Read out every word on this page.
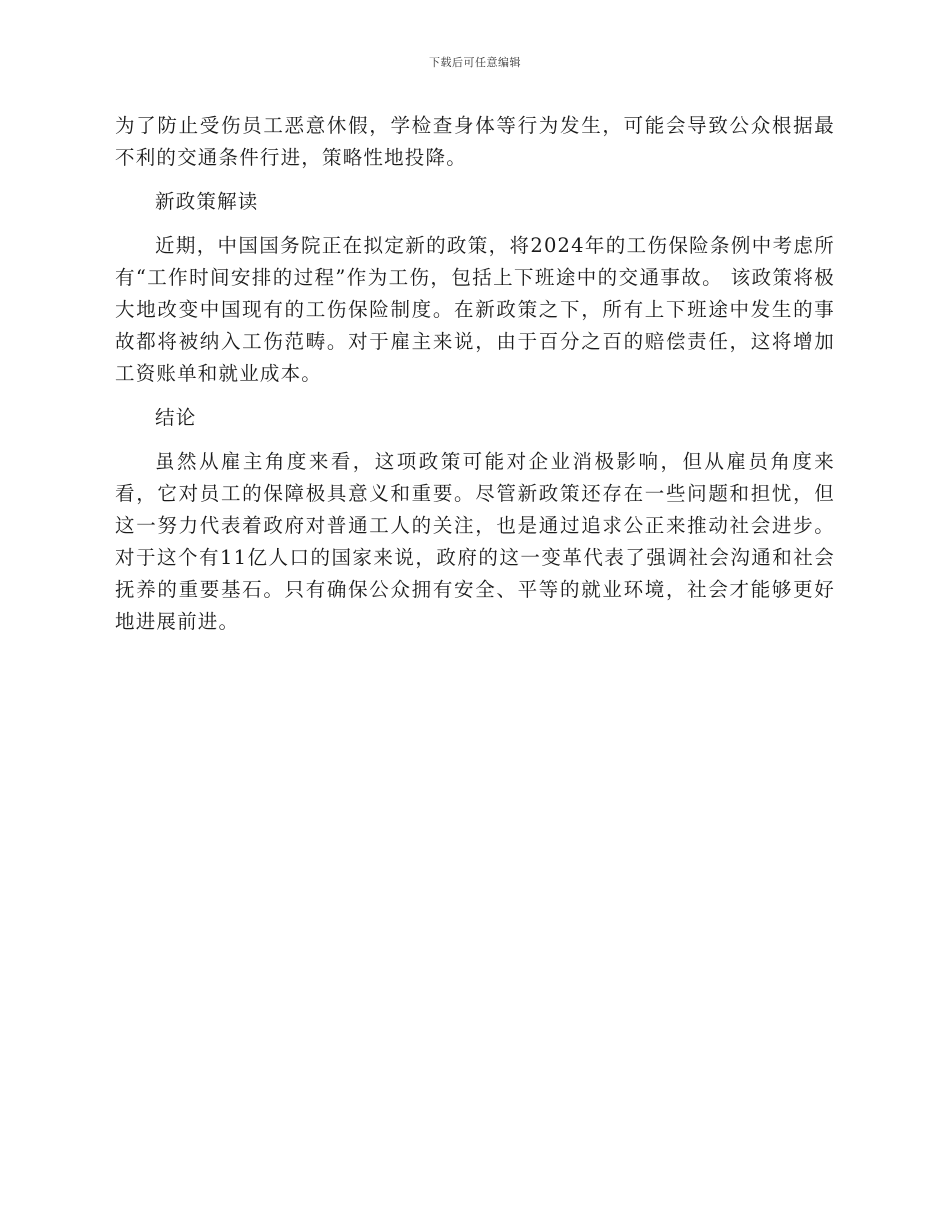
下载后可任意编辑

为了防止受伤员工恶意休假，学检查身体等行为发生，可能会导致公众根据最不利的交通条件行进，策略性地投降。

新政策解读

近期，中国国务院正在拟定新的政策，将2024年的工伤保险条例中考虑所有“工作时间安排的过程”作为工伤，包括上下班途中的交通事故。 该政策将极大地改变中国现有的工伤保险制度。在新政策之下，所有上下班途中发生的事故都将被纳入工伤范畴。对于雇主来说，由于百分之百的赔偿责任，这将增加工资账单和就业成本。

结论

虽然从雇主角度来看，这项政策可能对企业消极影响，但从雇员角度来看，它对员工的保障极具意义和重要。尽管新政策还存在一些问题和担忧，但这一努力代表着政府对普通工人的关注，也是通过追求公正来推动社会进步。对于这个有11亿人口的国家来说，政府的这一变革代表了强调社会沟通和社会抚养的重要基石。只有确保公众拥有安全、平等的就业环境，社会才能够更好地进展前进。
